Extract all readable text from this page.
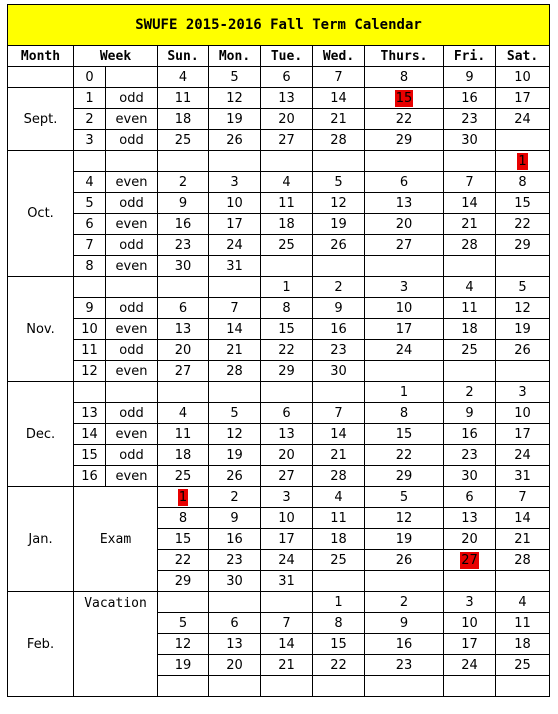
SWUFE 2015-2016 Fall Term Calendar									
Month	Week		Sun.	Mon.	Tue.	Wed.	Thurs.	Fri.	Sat.
	0		4	5	6	7	8	9	10
Sept.	1	odd	11	12	13	14	15	16	17
	2	even	18	19	20	21	22	23	24
	3	odd	25	26	27	28	29	30	
Oct.									1
	4	even	2	3	4	5	6	7	8
	5	odd	9	10	11	12	13	14	15
	6	even	16	17	18	19	20	21	22
	7	odd	23	24	25	26	27	28	29
	8	even	30	31					
Nov.					1	2	3	4	5
	9	odd	6	7	8	9	10	11	12
	10	even	13	14	15	16	17	18	19
	11	odd	20	21	22	23	24	25	26
	12	even	27	28	29	30			
Dec.							1	2	3
	13	odd	4	5	6	7	8	9	10
	14	even	11	12	13	14	15	16	17
	15	odd	18	19	20	21	22	23	24
	16	even	25	26	27	28	29	30	31
Jan.	Exam		1	2	3	4	5	6	7
			8	9	10	11	12	13	14
			15	16	17	18	19	20	21
			22	23	24	25	26	27	28
			29	30	31				
Feb.	Vacation					1	2	3	4
			5	6	7	8	9	10	11
			12	13	14	15	16	17	18
			19	20	21	22	23	24	25
